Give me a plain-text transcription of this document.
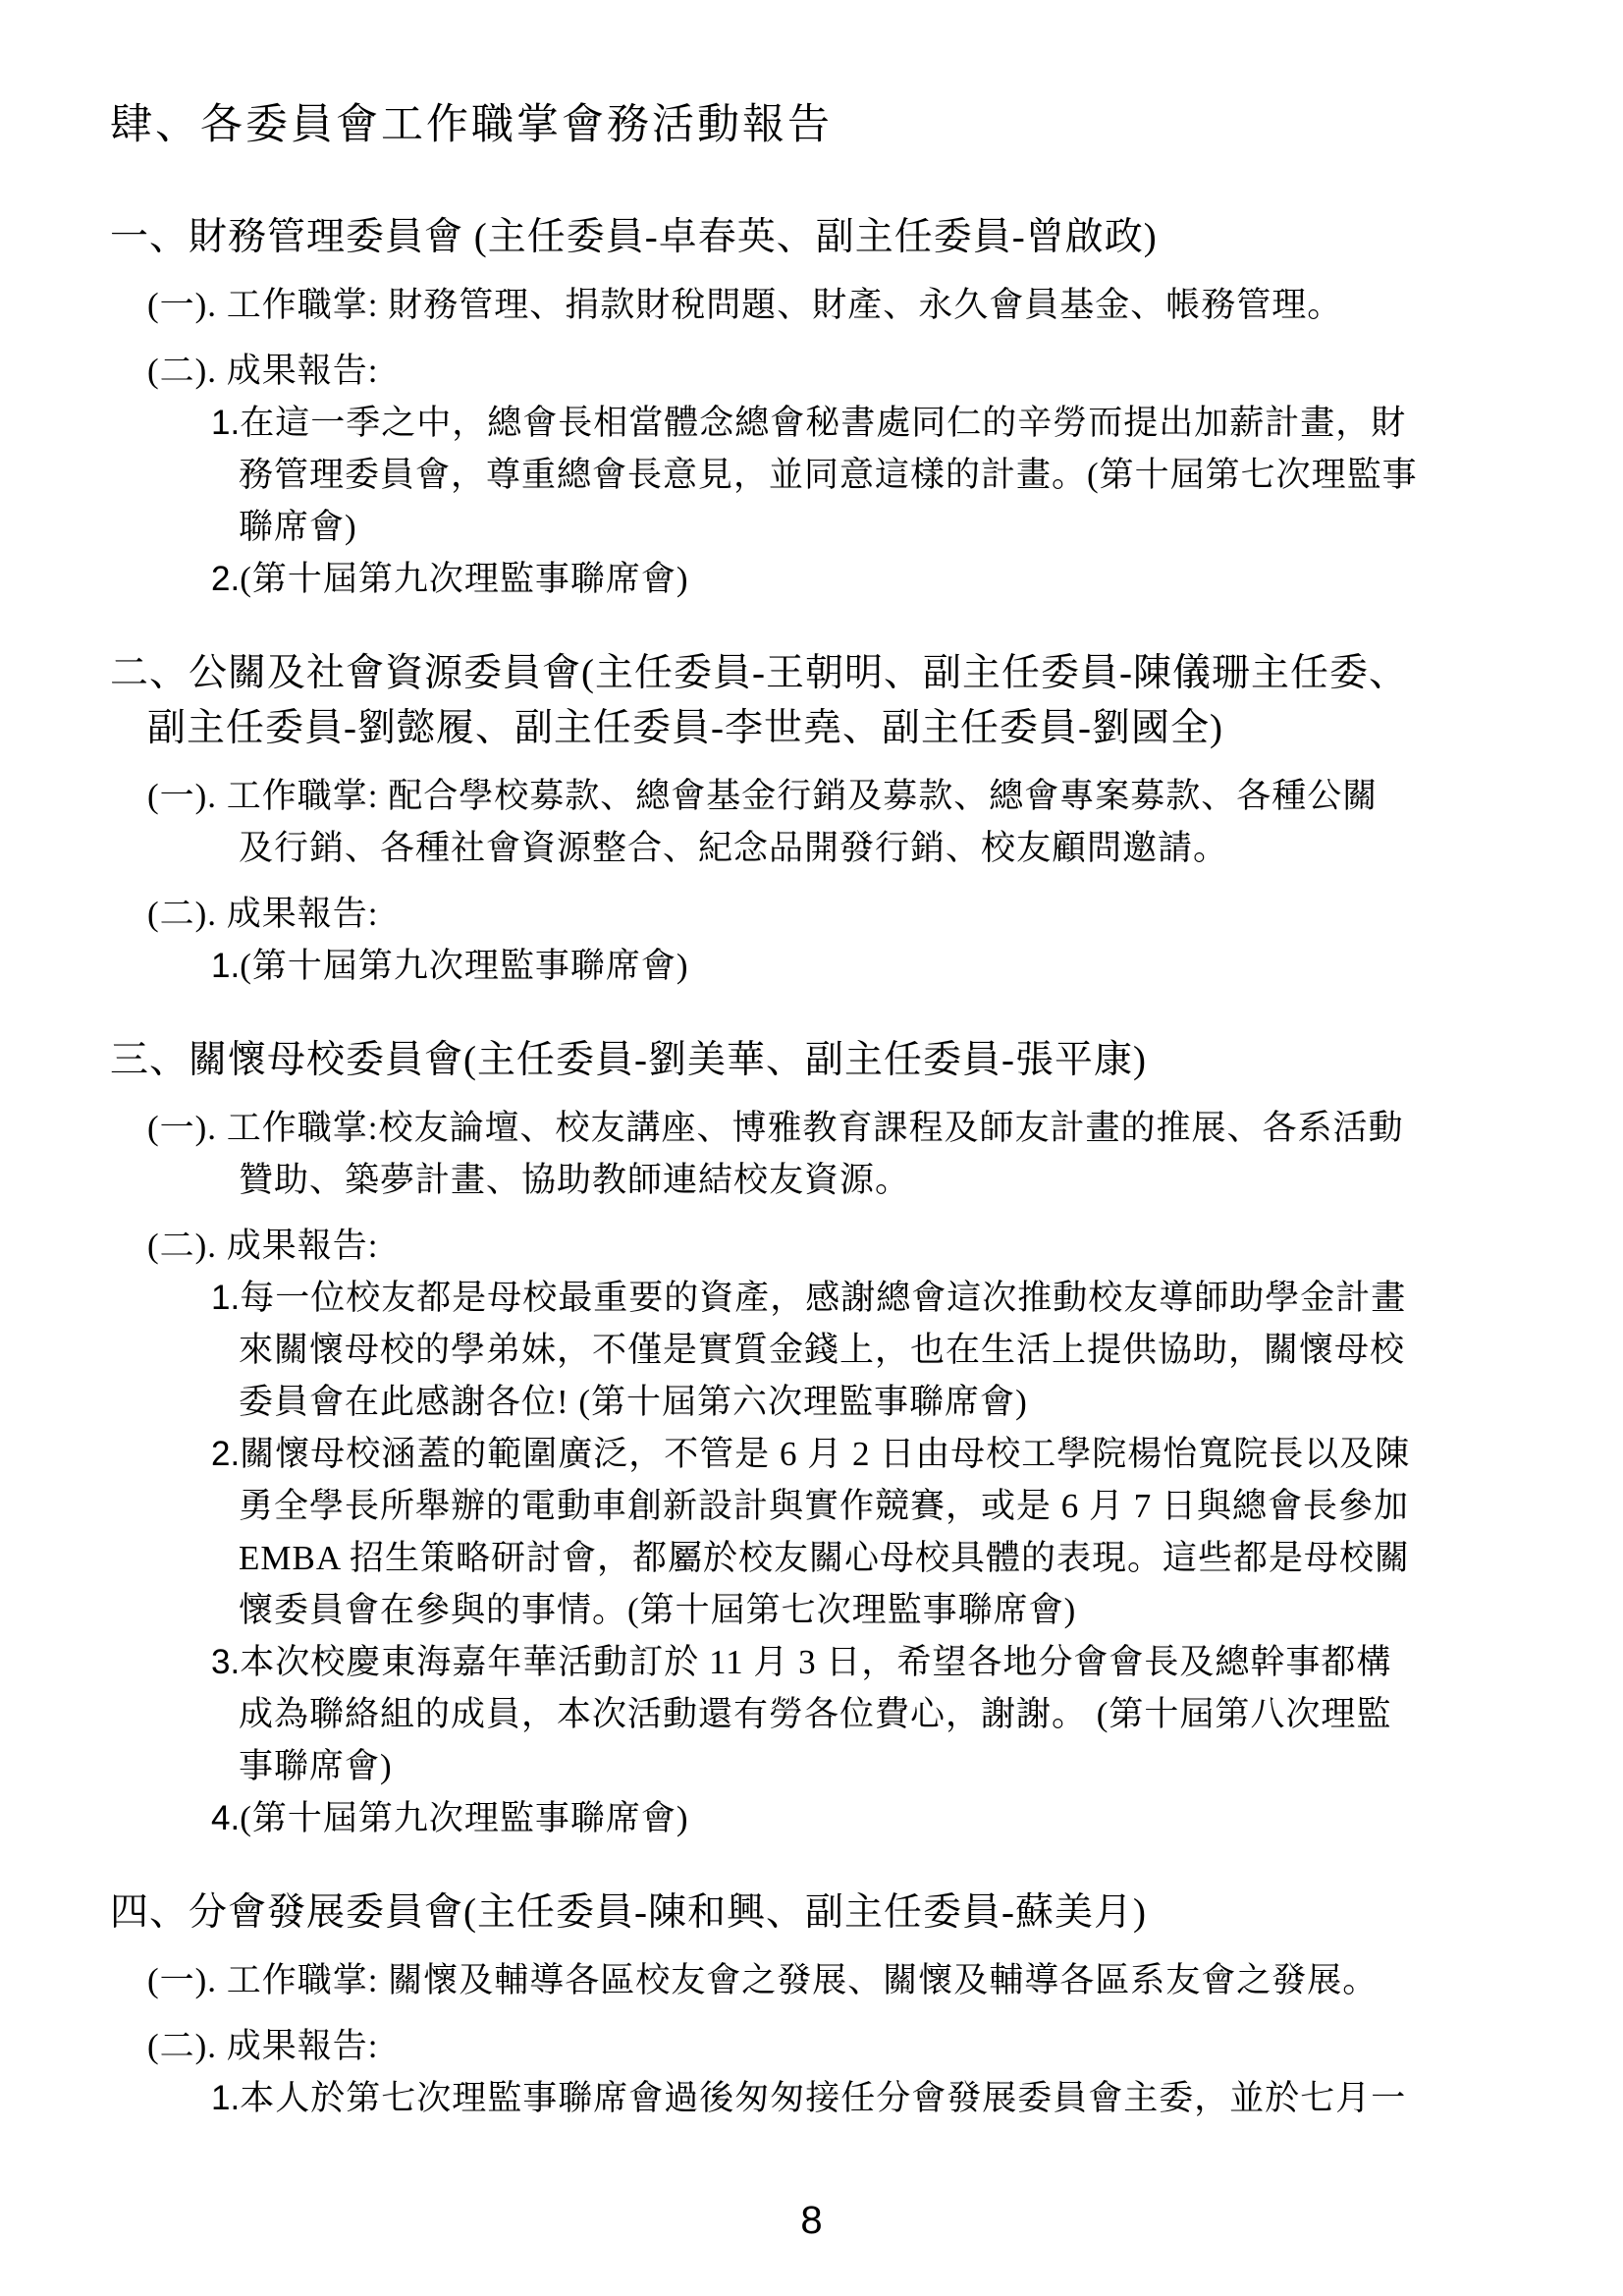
肆、各委員會工作職掌會務活動報告
一、財務管理委員會 (主任委員-卓春英、副主任委員-曾啟政)
(一). 工作職掌: 財務管理、捐款財稅問題、財產、永久會員基金、帳務管理。
(二). 成果報告:
1.在這一季之中，總會長相當體念總會秘書處同仁的辛勞而提出加薪計畫，財
務管理委員會，尊重總會長意見，並同意這樣的計畫。(第十屆第七次理監事
聯席會)
2.(第十屆第九次理監事聯席會)
二、公關及社會資源委員會(主任委員-王朝明、副主任委員-陳儀珊主任委、
副主任委員-劉懿履、副主任委員-李世堯、副主任委員-劉國全)
(一). 工作職掌: 配合學校募款、總會基金行銷及募款、總會專案募款、各種公關
及行銷、各種社會資源整合、紀念品開發行銷、校友顧問邀請。
(二). 成果報告:
1.(第十屆第九次理監事聯席會)
三、關懷母校委員會(主任委員-劉美華、副主任委員-張平康)
(一). 工作職掌:校友論壇、校友講座、博雅教育課程及師友計畫的推展、各系活動
贊助、築夢計畫、協助教師連結校友資源。
(二). 成果報告:
1.每一位校友都是母校最重要的資產，感謝總會這次推動校友導師助學金計畫
來關懷母校的學弟妹，不僅是實質金錢上，也在生活上提供協助，關懷母校
委員會在此感謝各位! (第十屆第六次理監事聯席會)
2.關懷母校涵蓋的範圍廣泛，不管是 6 月 2 日由母校工學院楊怡寬院長以及陳
勇全學長所舉辦的電動車創新設計與實作競賽，或是 6 月 7 日與總會長參加
EMBA 招生策略研討會，都屬於校友關心母校具體的表現。這些都是母校關
懷委員會在參與的事情。(第十屆第七次理監事聯席會)
3.本次校慶東海嘉年華活動訂於 11 月 3 日，希望各地分會會長及總幹事都構
成為聯絡組的成員，本次活動還有勞各位費心，謝謝。 (第十屆第八次理監
事聯席會)
4.(第十屆第九次理監事聯席會)
四、分會發展委員會(主任委員-陳和興、副主任委員-蘇美月)
(一). 工作職掌: 關懷及輔導各區校友會之發展、關懷及輔導各區系友會之發展。
(二). 成果報告:
1.本人於第七次理監事聯席會過後匆匆接任分會發展委員會主委，並於七月一
8
